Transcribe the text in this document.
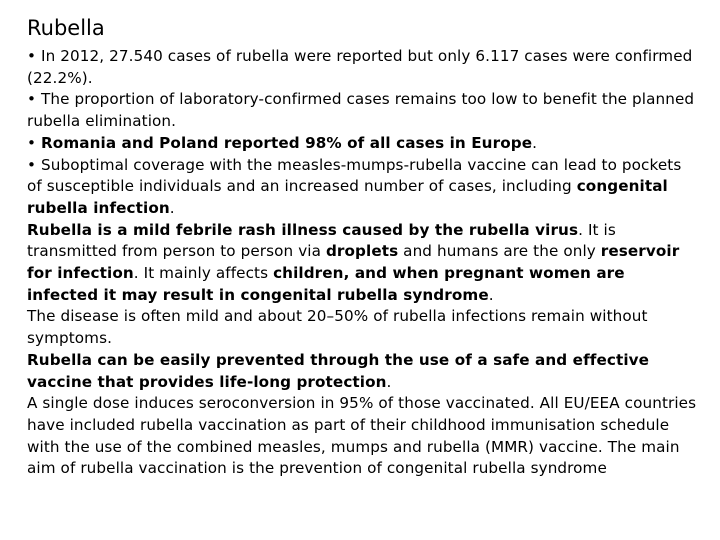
Rubella
• In 2012, 27.540 cases of rubella were reported but only 6.117 cases were confirmed (22.2%).
• The proportion of laboratory-confirmed cases remains too low to benefit the planned rubella elimination.
• Romania and Poland reported 98% of all cases in Europe.
• Suboptimal coverage with the measles-mumps-rubella vaccine can lead to pockets of susceptible individuals and an increased number of cases, including congenital rubella infection.
Rubella is a mild febrile rash illness caused by the rubella virus. It is transmitted from person to person via droplets and humans are the only reservoir for infection. It mainly affects children, and when pregnant women are infected it may result in congenital rubella syndrome.
The disease is often mild and about 20–50% of rubella infections remain without symptoms.
Rubella can be easily prevented through the use of a safe and effective vaccine that provides life-long protection.
A single dose induces seroconversion in 95% of those vaccinated. All EU/EEA countries have included rubella vaccination as part of their childhood immunisation schedule with the use of the combined measles, mumps and rubella (MMR) vaccine. The main aim of rubella vaccination is the prevention of congenital rubella syndrome
